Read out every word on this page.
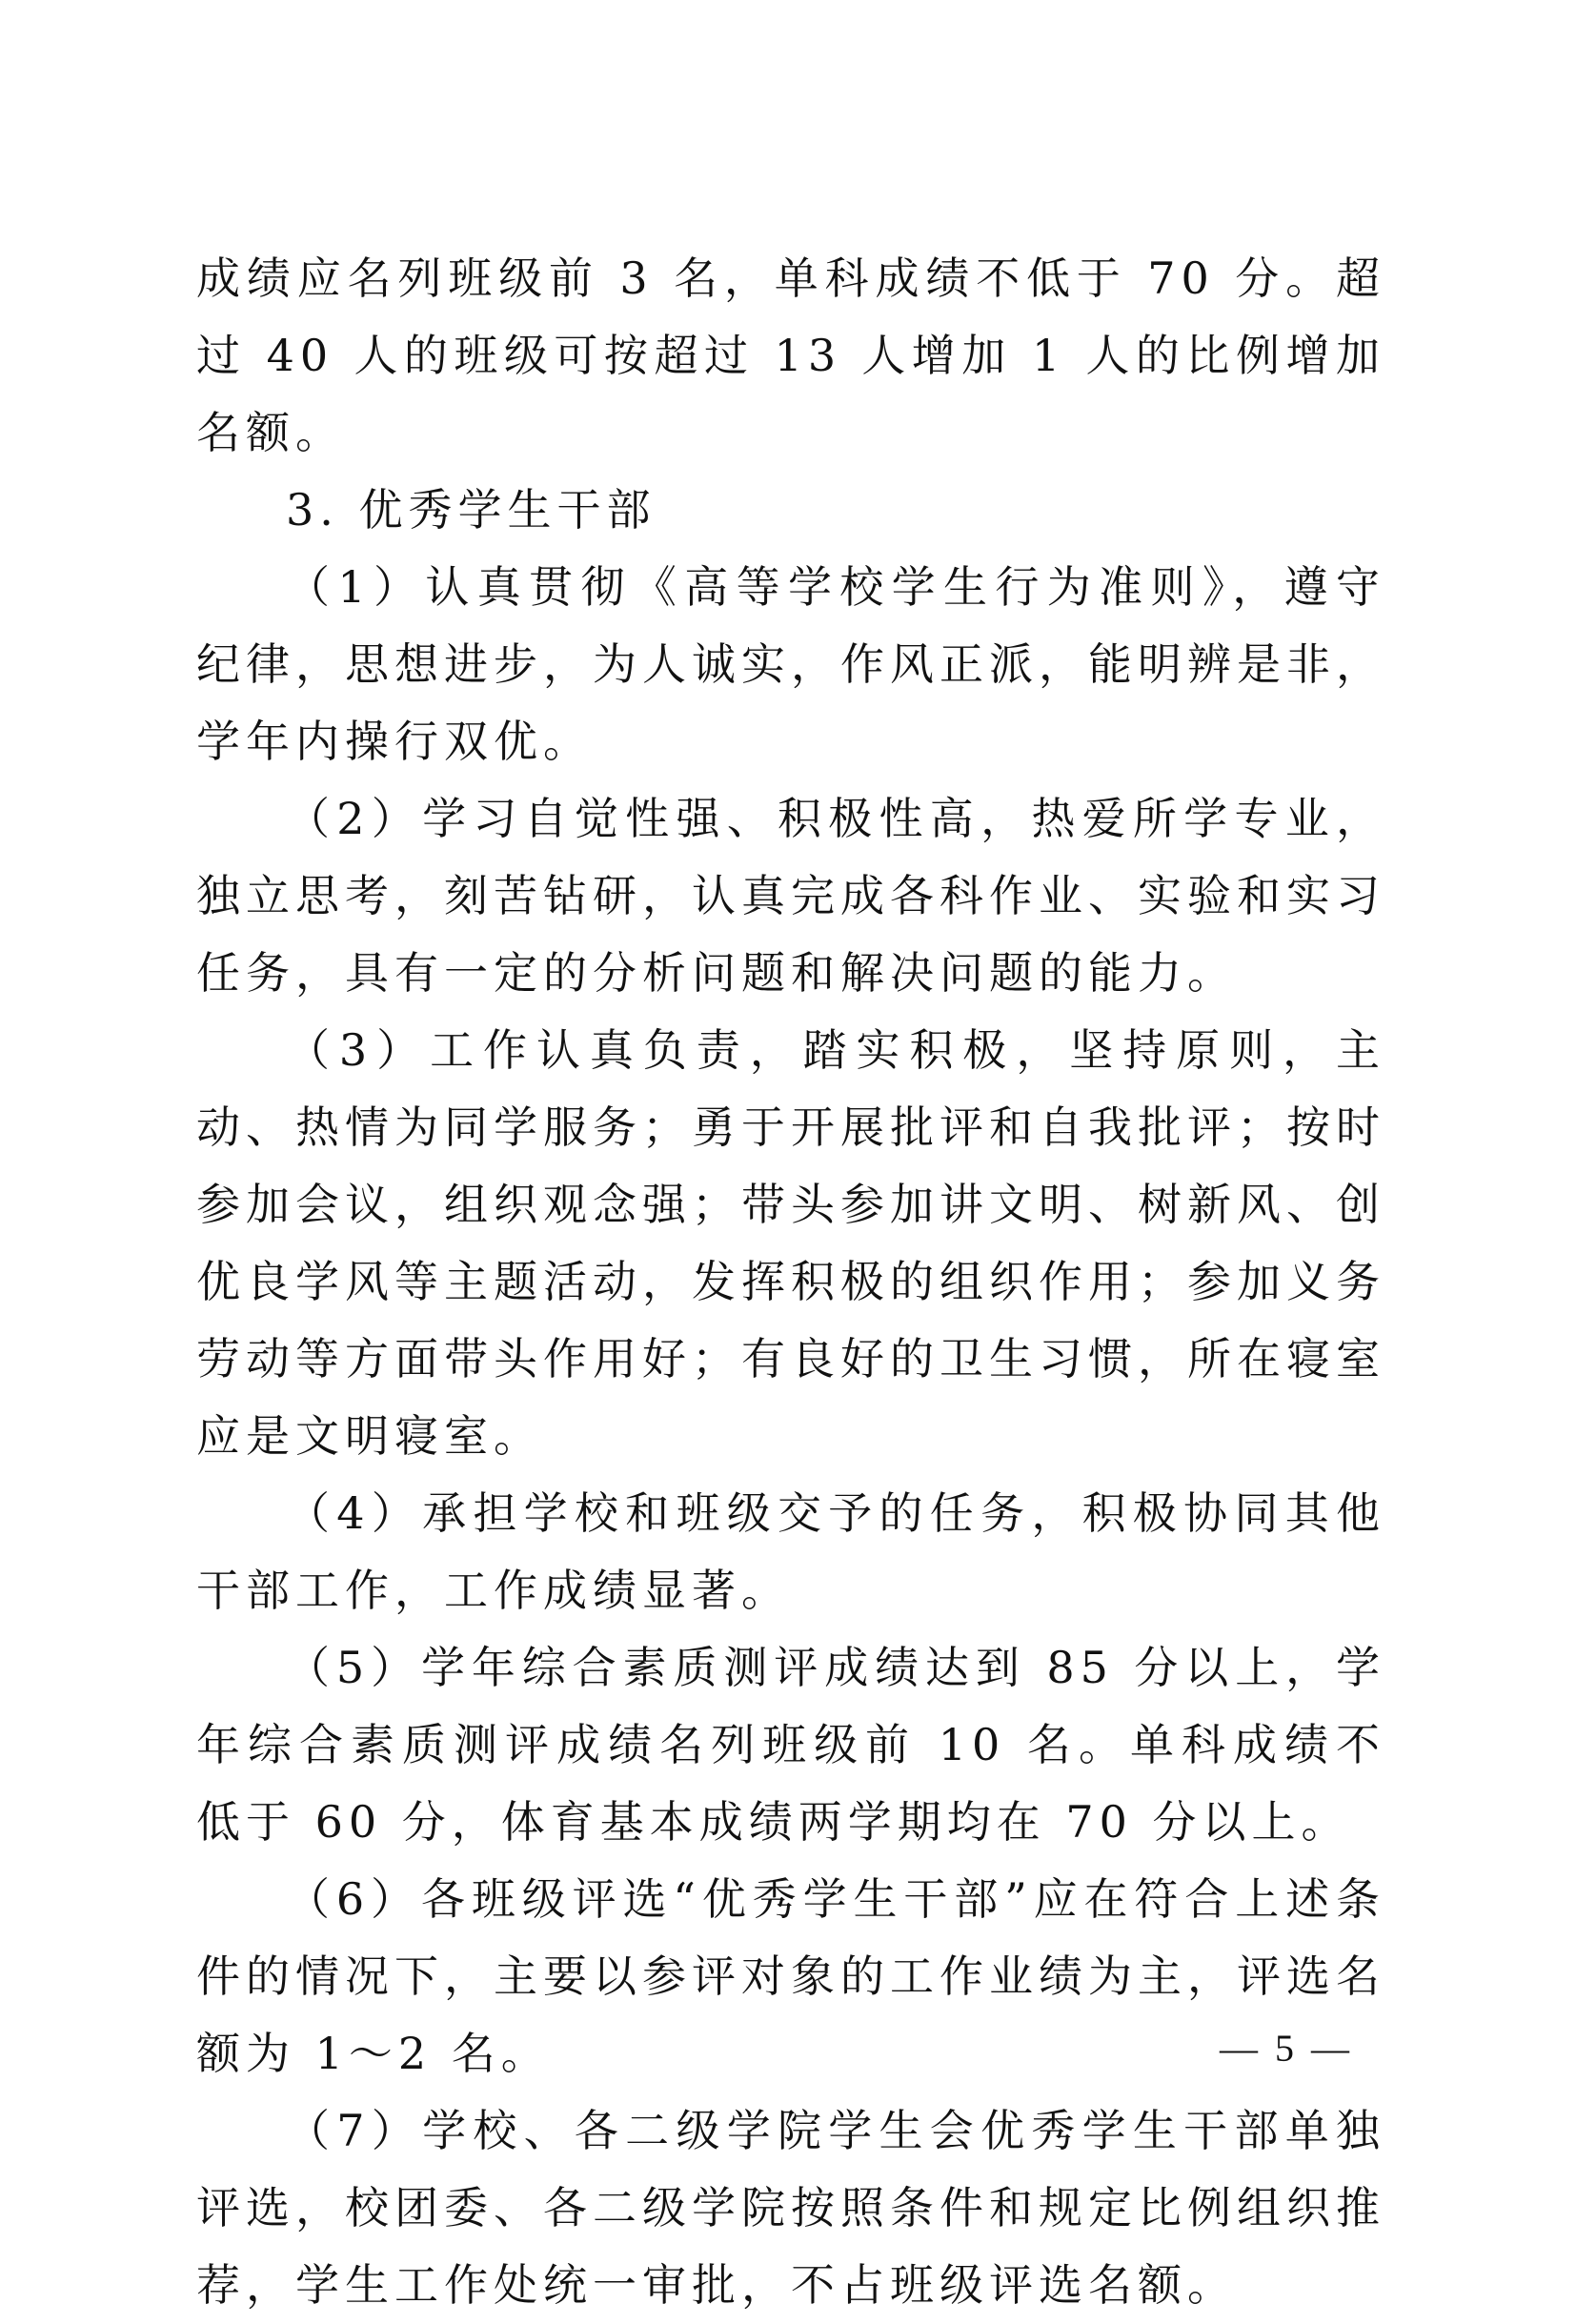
成绩应名列班级前 3 名，单科成绩不低于 70 分。超过 40 人的班级可按超过 13 人增加 1 人的比例增加名额。

3. 优秀学生干部

（1）认真贯彻《高等学校学生行为准则》，遵守纪律，思想进步，为人诚实，作风正派，能明辨是非，学年内操行双优。

（2）学习自觉性强、积极性高，热爱所学专业，独立思考，刻苦钻研，认真完成各科作业、实验和实习任务，具有一定的分析问题和解决问题的能力。

（3）工作认真负责，踏实积极，坚持原则，主动、热情为同学服务；勇于开展批评和自我批评；按时参加会议，组织观念强；带头参加讲文明、树新风、创优良学风等主题活动，发挥积极的组织作用；参加义务劳动等方面带头作用好；有良好的卫生习惯，所在寝室应是文明寝室。

（4）承担学校和班级交予的任务，积极协同其他干部工作，工作成绩显著。

（5）学年综合素质测评成绩达到 85 分以上，学年综合素质测评成绩名列班级前 10 名。单科成绩不低于 60 分，体育基本成绩两学期均在 70 分以上。

（6）各班级评选“优秀学生干部”应在符合上述条件的情况下，主要以参评对象的工作业绩为主，评选名额为 1～2 名。

（7）学校、各二级学院学生会优秀学生干部单独评选，校团委、各二级学院按照条件和规定比例组织推荐，学生工作处统一审批，不占班级评选名额。

— 5 —
